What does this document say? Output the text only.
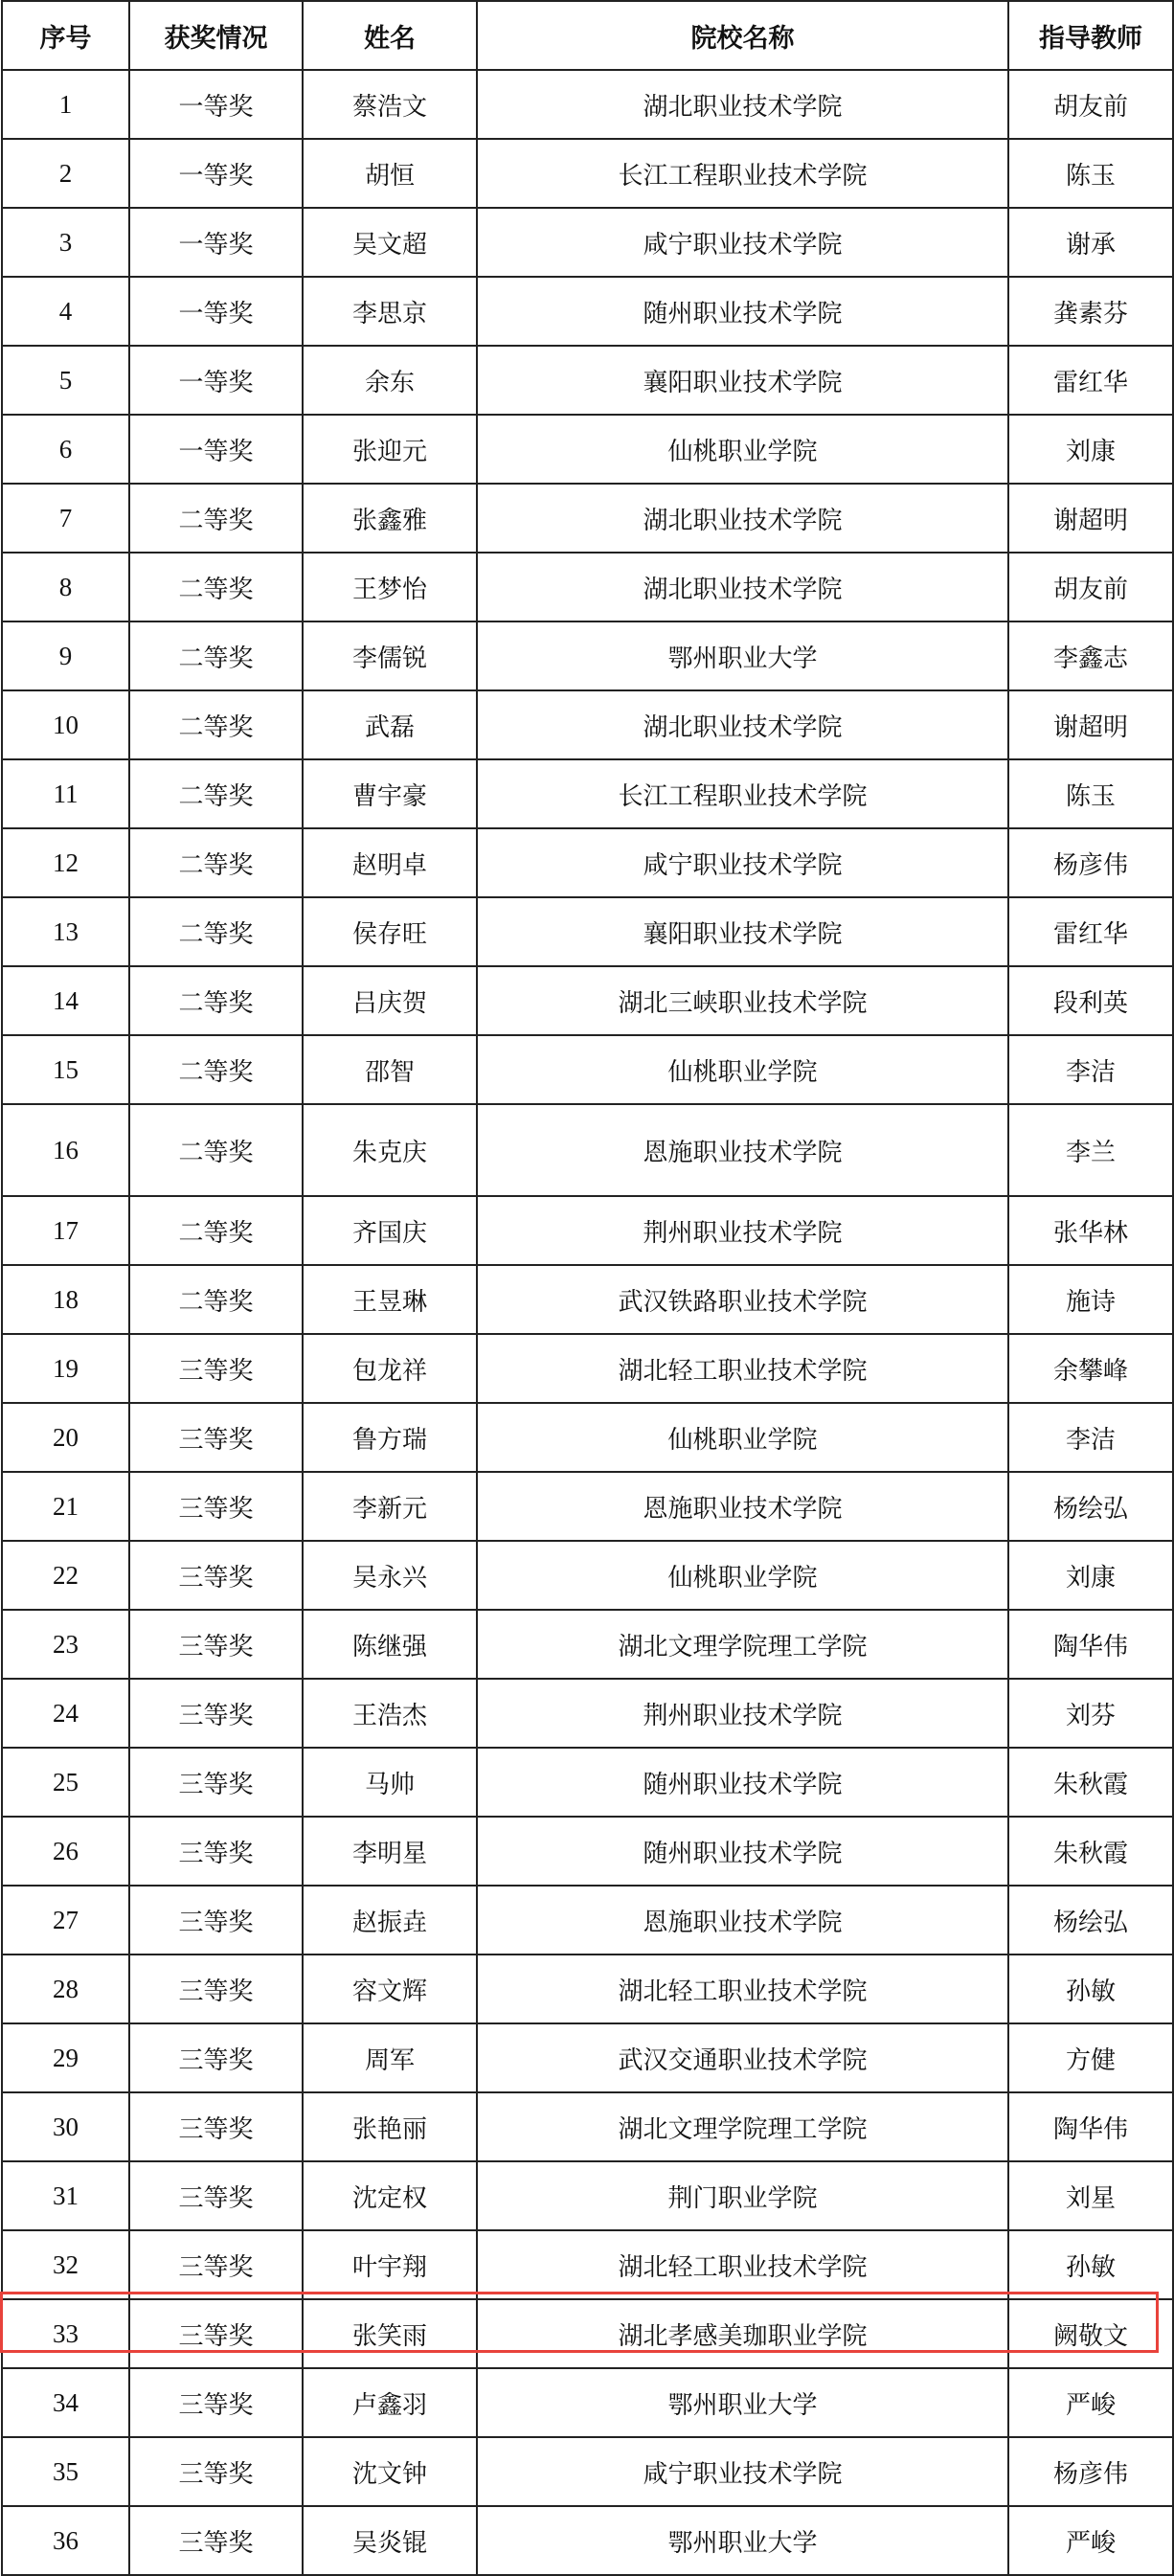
序号	获奖情况	姓名	院校名称	指导教师
1	一等奖	蔡浩文	湖北职业技术学院	胡友前
2	一等奖	胡恒	长江工程职业技术学院	陈玉
3	一等奖	吴文超	咸宁职业技术学院	谢承
4	一等奖	李思京	随州职业技术学院	龚素芬
5	一等奖	余东	襄阳职业技术学院	雷红华
6	一等奖	张迎元	仙桃职业学院	刘康
7	二等奖	张鑫雅	湖北职业技术学院	谢超明
8	二等奖	王梦怡	湖北职业技术学院	胡友前
9	二等奖	李儒锐	鄂州职业大学	李鑫志
10	二等奖	武磊	湖北职业技术学院	谢超明
11	二等奖	曹宇豪	长江工程职业技术学院	陈玉
12	二等奖	赵明卓	咸宁职业技术学院	杨彦伟
13	二等奖	侯存旺	襄阳职业技术学院	雷红华
14	二等奖	吕庆贺	湖北三峡职业技术学院	段利英
15	二等奖	邵智	仙桃职业学院	李洁
16	二等奖	朱克庆	恩施职业技术学院	李兰
17	二等奖	齐国庆	荆州职业技术学院	张华林
18	二等奖	王昱琳	武汉铁路职业技术学院	施诗
19	三等奖	包龙祥	湖北轻工职业技术学院	余攀峰
20	三等奖	鲁方瑞	仙桃职业学院	李洁
21	三等奖	李新元	恩施职业技术学院	杨绘弘
22	三等奖	吴永兴	仙桃职业学院	刘康
23	三等奖	陈继强	湖北文理学院理工学院	陶华伟
24	三等奖	王浩杰	荆州职业技术学院	刘芬
25	三等奖	马帅	随州职业技术学院	朱秋霞
26	三等奖	李明星	随州职业技术学院	朱秋霞
27	三等奖	赵振垚	恩施职业技术学院	杨绘弘
28	三等奖	容文辉	湖北轻工职业技术学院	孙敏
29	三等奖	周军	武汉交通职业技术学院	方健
30	三等奖	张艳丽	湖北文理学院理工学院	陶华伟
31	三等奖	沈定权	荆门职业学院	刘星
32	三等奖	叶宇翔	湖北轻工职业技术学院	孙敏
33	三等奖	张笑雨	湖北孝感美珈职业学院	阙敬文
34	三等奖	卢鑫羽	鄂州职业大学	严峻
35	三等奖	沈文钟	咸宁职业技术学院	杨彦伟
36	三等奖	吴炎锟	鄂州职业大学	严峻
